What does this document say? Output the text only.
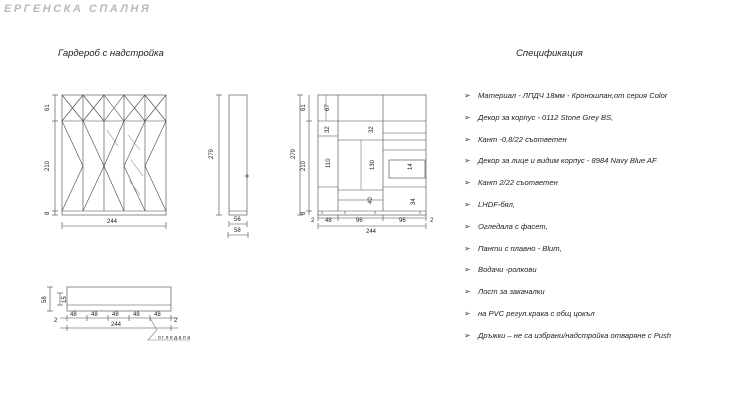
ЕРГЕНСКА СПАЛНЯ
Гардероб с надстройка	Спецификация
61
210
8
244
279
56
58
279
61
210
8
67
32	32
110	130	14
40	34
2 48	96	96	2
244
58 15
2
48 48 48 48 48
2
244
огледала
➢ Материал - ЛПДЧ 18мм - Кроношпан,от серия Color
➢ Декор за корпус - 0112 Stone Grey BS,
➢ Кант -0,8/22 съответен
➢ Декор за лице и видим корпус - 8984 Navy Blue AF
➢ Кант 2/22 съответен
➢ LHDF-бял,
➢ Огледала с фасет,
➢ Панти с плавно - Blum,
➢ Водачи -ролкови
➢ Лост за закачалки
➢ на PVC регул.крака с общ цокъл
➢ Дръжки – не са избрани/надстройка отваряне с Push
